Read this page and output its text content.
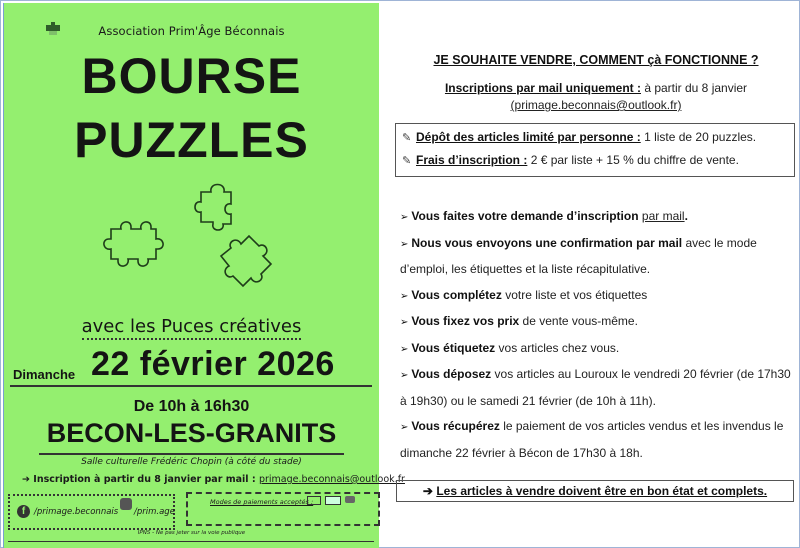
Association Prim'Âge Béconnais
BOURSE
PUZZLES
avec les Puces créatives
Dimanche 22 février 2026
De 10h à 16h30
BECON-LES-GRANITS
Salle culturelle Frédéric Chopin (à côté du stade)
➔ Inscription à partir du 8 janvier par mail : primage.beconnais@outlook.fr
f	/primage.beconnais /prim.age
Modes de paiements acceptés :
IPNS - Ne pas jeter sur la voie publique
JE SOUHAITE VENDRE, COMMENT çà FONCTIONNE ?
Inscriptions par mail uniquement : à partir du 8 janvier
(primage.beconnais@outlook.fr)
✎ Dépôt des articles limité par personne : 1 liste de 20 puzzles.
✎ Frais d’inscription : 2 € par liste + 15 % du chiffre de vente.
➢ Vous faites votre demande d’inscription par mail.
➢ Nous vous envoyons une confirmation par mail avec le mode d’emploi, les étiquettes et la liste récapitulative.
➢ Vous complétez votre liste et vos étiquettes
➢ Vous fixez vos prix de vente vous-même.
➢ Vous étiquetez vos articles chez vous.
➢ Vous déposez vos articles au Louroux le vendredi 20 février (de 17h30 à 19h30) ou le samedi 21 février (de 10h à 11h).
➢ Vous récupérez le paiement de vos articles vendus et les invendus le dimanche 22 février à Bécon de 17h30 à 18h.
➔ Les articles à vendre doivent être en bon état et complets.
